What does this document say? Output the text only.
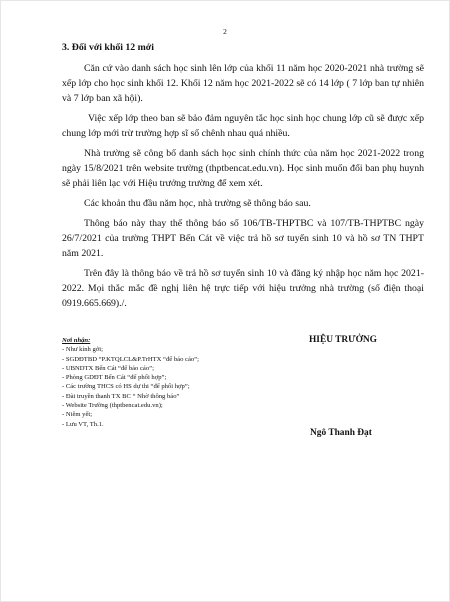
2
3. Đối với khối 12 mới

Căn cứ vào danh sách học sinh lên lớp của khối 11 năm học 2020-2021 nhà trường sẽ xếp lớp cho học sinh khối 12. Khối 12 năm học 2021-2022 sẽ có 14 lớp ( 7 lớp ban tự nhiên và 7 lớp ban xã hội).

Việc xếp lớp theo ban sẽ bảo đảm nguyên tắc học sinh học chung lớp cũ sẽ được xếp chung lớp mới trừ trường hợp sĩ số chênh nhau quá nhiều.

Nhà trường sẽ công bố danh sách học sinh chính thức của năm học 2021-2022 trong ngày 15/8/2021 trên website trường (thptbencat.edu.vn). Học sinh muốn đổi ban phụ huynh sẽ phải liên lạc với Hiệu trưởng trường để xem xét.

Các khoản thu đầu năm học, nhà trường sẽ thông báo sau.

Thông báo này thay thế thông báo số 106/TB-THPTBC và 107/TB-THPTBC ngày 26/7/2021 của trường THPT Bến Cát về việc trả hồ sơ tuyển sinh 10 và hồ sơ TN THPT năm 2021.

Trên đây là thông báo về trả hồ sơ tuyển sinh 10 và đăng ký nhập học năm học 2021-2022. Mọi thắc mắc đề nghị liên hệ trực tiếp với hiệu trưởng nhà trường (số điện thoại 0919.665.669)./.

Nơi nhận:
- Như kính gởi;
- SGDĐTBD “P.KTQLCL&P.TrHTX “để báo cáo”;
- UBNDTX Bến Cát “để báo cáo”;
- Phòng GDĐT Bến Cát “để phối hợp”;
- Các trường THCS có HS dự thi “để phối hợp”;
- Đài truyền thanh TX BC “ Nhờ thông báo”
- Website Trường (thptbencat.edu.vn);
- Niêm yết;
- Lưu VT, Th.1.
HIỆU TRƯỞNG
Ngô Thanh Đạt
